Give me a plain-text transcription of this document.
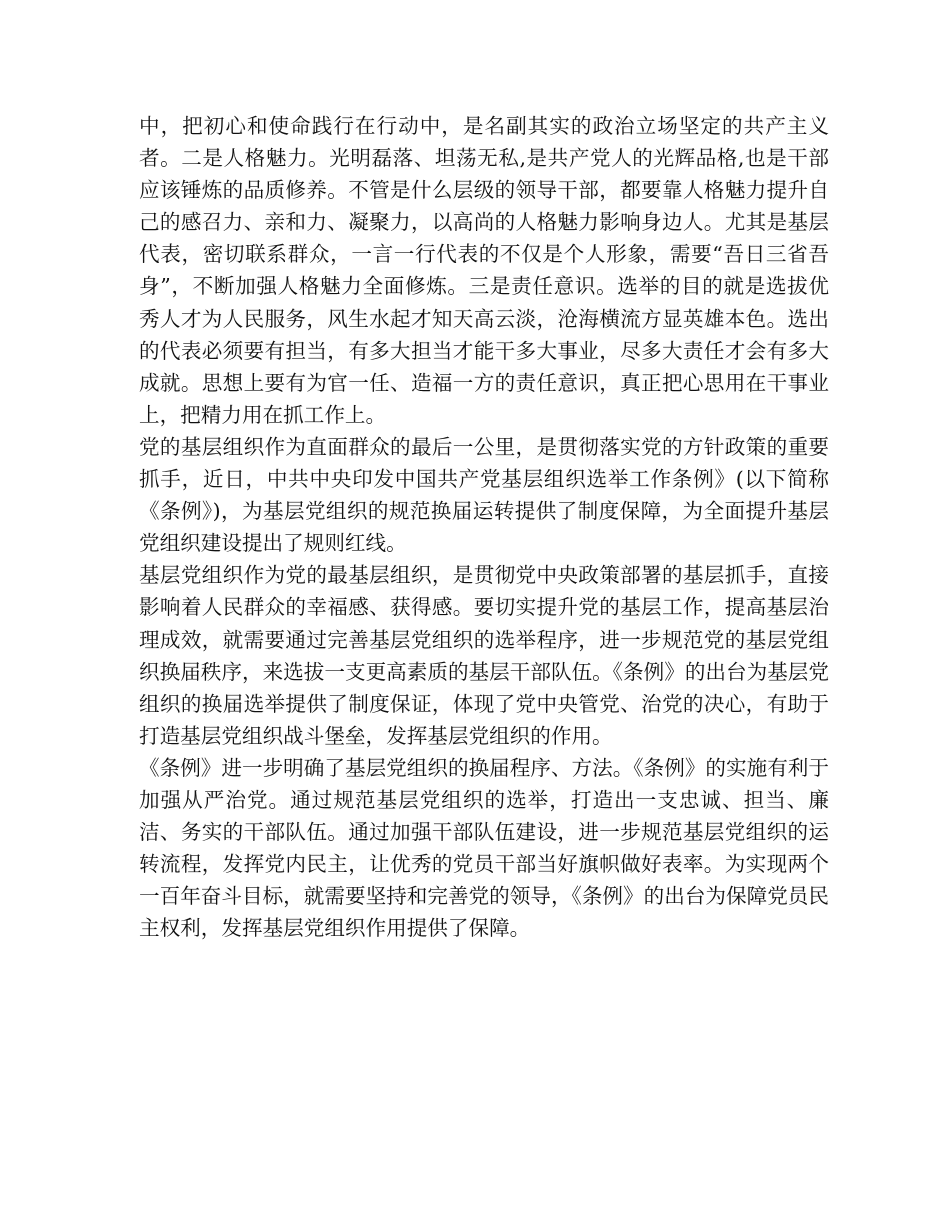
中，把初心和使命践行在行动中，是名副其实的政治立场坚定的共产主义者。二是人格魅力。光明磊落、坦荡无私,是共产党人的光辉品格,也是干部应该锤炼的品质修养。不管是什么层级的领导干部，都要靠人格魅力提升自己的感召力、亲和力、凝聚力，以高尚的人格魅力影响身边人。尤其是基层代表，密切联系群众，一言一行代表的不仅是个人形象，需要“吾日三省吾身”，不断加强人格魅力全面修炼。三是责任意识。选举的目的就是选拔优秀人才为人民服务，风生水起才知天高云淡，沧海横流方显英雄本色。选出的代表必须要有担当，有多大担当才能干多大事业，尽多大责任才会有多大成就。思想上要有为官一任、造福一方的责任意识，真正把心思用在干事业上，把精力用在抓工作上。

党的基层组织作为直面群众的最后一公里，是贯彻落实党的方针政策的重要抓手，近日，中共中央印发中国共产党基层组织选举工作条例》(以下简称《条例》)，为基层党组织的规范换届运转提供了制度保障，为全面提升基层党组织建设提出了规则红线。

基层党组织作为党的最基层组织，是贯彻党中央政策部署的基层抓手，直接影响着人民群众的幸福感、获得感。要切实提升党的基层工作，提高基层治理成效，就需要通过完善基层党组织的选举程序，进一步规范党的基层党组织换届秩序，来选拔一支更高素质的基层干部队伍。《条例》的出台为基层党组织的换届选举提供了制度保证，体现了党中央管党、治党的决心，有助于打造基层党组织战斗堡垒，发挥基层党组织的作用。

《条例》进一步明确了基层党组织的换届程序、方法。《条例》的实施有利于加强从严治党。通过规范基层党组织的选举，打造出一支忠诚、担当、廉洁、务实的干部队伍。通过加强干部队伍建设，进一步规范基层党组织的运转流程，发挥党内民主，让优秀的党员干部当好旗帜做好表率。为实现两个一百年奋斗目标，就需要坚持和完善党的领导，《条例》的出台为保障党员民主权利，发挥基层党组织作用提供了保障。
